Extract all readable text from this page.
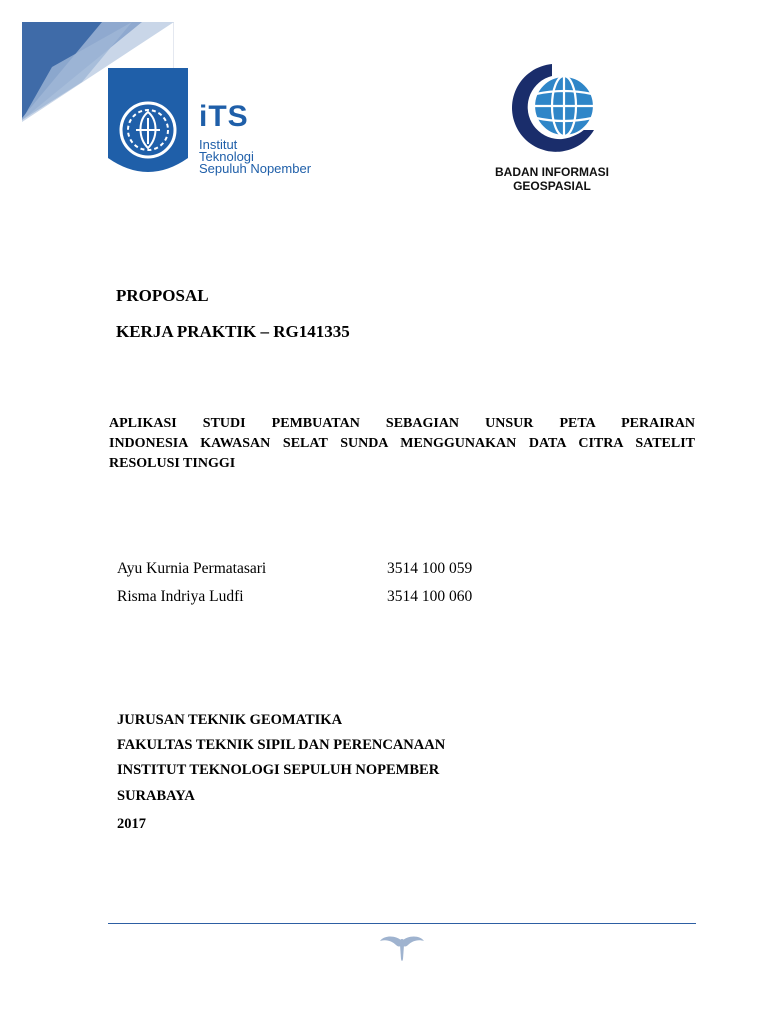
iTS
Institut
Teknologi
Sepuluh Nopember	BADAN INFORMASI
GEOSPASIAL
PROPOSAL
KERJA PRAKTIK – RG141335
APLIKASI STUDI PEMBUATAN SEBAGIAN UNSUR PETA PERAIRAN
INDONESIA KAWASAN SELAT SUNDA MENGGUNAKAN DATA CITRA SATELIT
RESOLUSI TINGGI
Ayu Kurnia Permatasari	3514 100 059
Risma Indriya Ludfi	3514 100 060
JURUSAN TEKNIK GEOMATIKA
FAKULTAS TEKNIK SIPIL DAN PERENCANAAN
INSTITUT TEKNOLOGI SEPULUH NOPEMBER
SURABAYA
2017
